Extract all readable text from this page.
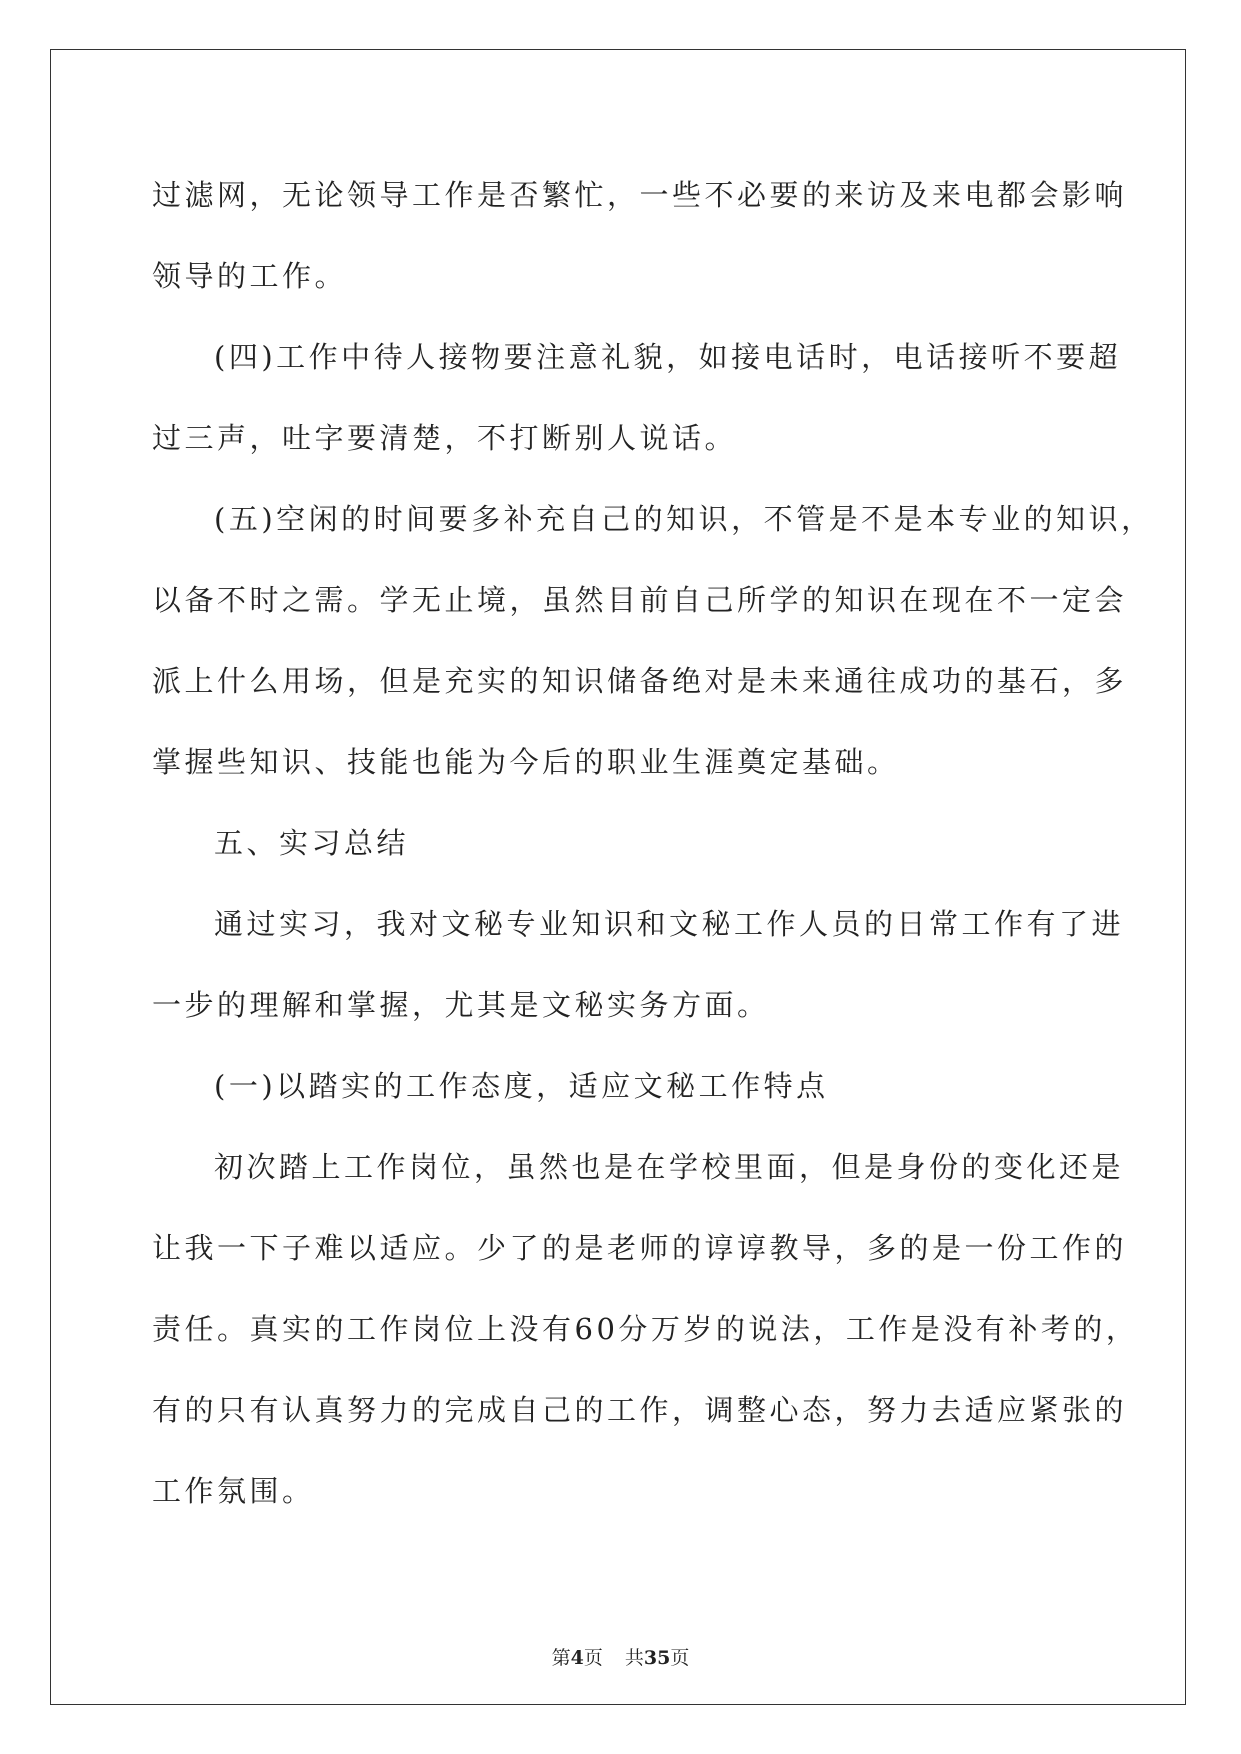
过滤网，无论领导工作是否繁忙，一些不必要的来访及来电都会影响
领导的工作。
(四)工作中待人接物要注意礼貌，如接电话时，电话接听不要超
过三声，吐字要清楚，不打断别人说话。
(五)空闲的时间要多补充自己的知识，不管是不是本专业的知识，
以备不时之需。学无止境，虽然目前自己所学的知识在现在不一定会
派上什么用场，但是充实的知识储备绝对是未来通往成功的基石，多
掌握些知识、技能也能为今后的职业生涯奠定基础。
五、实习总结
通过实习，我对文秘专业知识和文秘工作人员的日常工作有了进
一步的理解和掌握，尤其是文秘实务方面。
(一)以踏实的工作态度，适应文秘工作特点
初次踏上工作岗位，虽然也是在学校里面，但是身份的变化还是
让我一下子难以适应。少了的是老师的谆谆教导，多的是一份工作的
责任。真实的工作岗位上没有60分万岁的说法，工作是没有补考的，
有的只有认真努力的完成自己的工作，调整心态，努力去适应紧张的
工作氛围。
第4页 共35页
